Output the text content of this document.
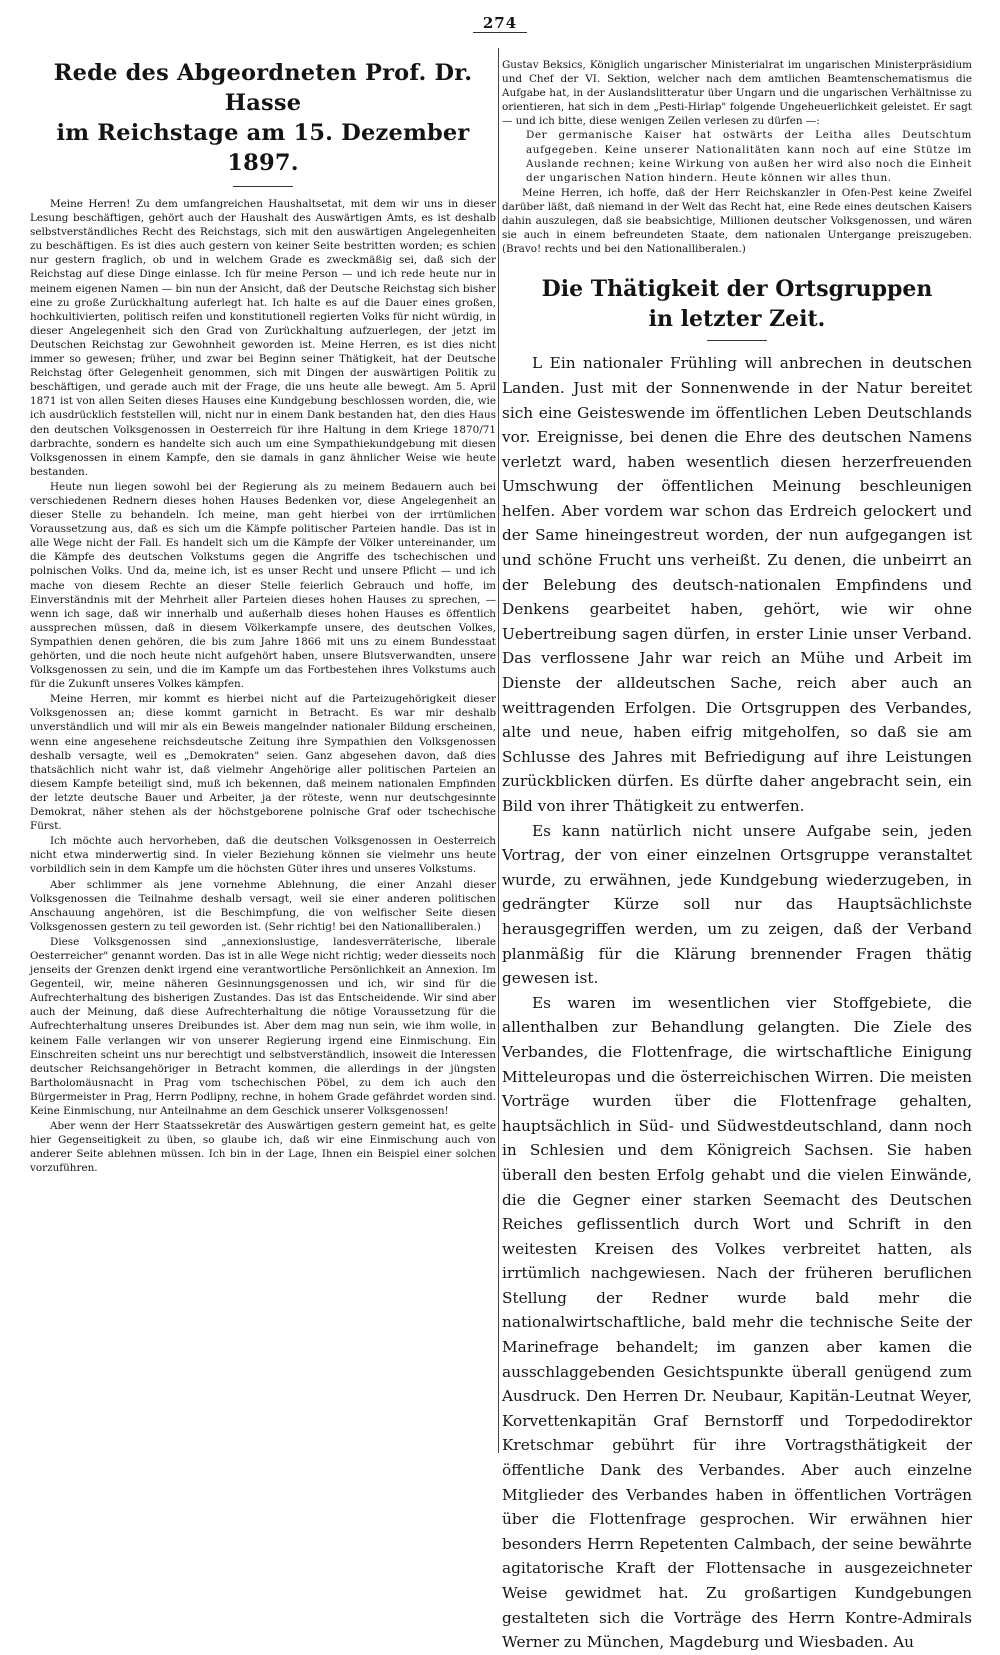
274
Rede des Abgeordneten Prof. Dr. Hasse
im Reichstage am 15. Dezember 1897.

Meine Herren! Zu dem umfangreichen Haushaltsetat, mit dem wir uns in dieser Lesung beschäftigen, gehört auch der Haushalt des Auswärtigen Amts, es ist deshalb selbstverständliches Recht des Reichstags, sich mit den auswärtigen Angelegenheiten zu beschäftigen. Es ist dies auch gestern von keiner Seite bestritten worden; es schien nur gestern fraglich, ob und in welchem Grade es zweckmäßig sei, daß sich der Reichstag auf diese Dinge einlasse. Ich für meine Person — und ich rede heute nur in meinem eigenen Namen — bin nun der Ansicht, daß der Deutsche Reichstag sich bisher eine zu große Zurückhaltung auferlegt hat. Ich halte es auf die Dauer eines großen, hochkultivierten, politisch reifen und konstitutionell regierten Volks für nicht würdig, in dieser Angelegenheit sich den Grad von Zurückhaltung aufzuerlegen, der jetzt im Deutschen Reichstag zur Gewohnheit geworden ist. Meine Herren, es ist dies nicht immer so gewesen; früher, und zwar bei Beginn seiner Thätigkeit, hat der Deutsche Reichstag öfter Gelegenheit genommen, sich mit Dingen der auswärtigen Politik zu beschäftigen, und gerade auch mit der Frage, die uns heute alle bewegt. Am 5. April 1871 ist von allen Seiten dieses Hauses eine Kundgebung beschlossen worden, die, wie ich ausdrücklich feststellen will, nicht nur in einem Dank bestanden hat, den dies Haus den deutschen Volksgenossen in Oesterreich für ihre Haltung in dem Kriege 1870/71 darbrachte, sondern es handelte sich auch um eine Sympathiekundgebung mit diesen Volksgenossen in einem Kampfe, den sie damals in ganz ähnlicher Weise wie heute bestanden.

Heute nun liegen sowohl bei der Regierung als zu meinem Bedauern auch bei verschiedenen Rednern dieses hohen Hauses Bedenken vor, diese Angelegenheit an dieser Stelle zu behandeln. Ich meine, man geht hierbei von der irrtümlichen Voraussetzung aus, daß es sich um die Kämpfe politischer Parteien handle. Das ist in alle Wege nicht der Fall. Es handelt sich um die Kämpfe der Völker untereinander, um die Kämpfe des deutschen Volkstums gegen die Angriffe des tschechischen und polnischen Volks. Und da, meine ich, ist es unser Recht und unsere Pflicht — und ich mache von diesem Rechte an dieser Stelle feierlich Gebrauch und hoffe, im Einverständnis mit der Mehrheit aller Parteien dieses hohen Hauses zu sprechen, — wenn ich sage, daß wir innerhalb und außerhalb dieses hohen Hauses es öffentlich aussprechen müssen, daß in diesem Völkerkampfe unsere, des deutschen Volkes, Sympathien denen gehören, die bis zum Jahre 1866 mit uns zu einem Bundesstaat gehörten, und die noch heute nicht aufgehört haben, unsere Blutsverwandten, unsere Volksgenossen zu sein, und die im Kampfe um das Fortbestehen ihres Volkstums auch für die Zukunft unseres Volkes kämpfen.

Meine Herren, mir kommt es hierbei nicht auf die Parteizugehörigkeit dieser Volksgenossen an; diese kommt garnicht in Betracht. Es war mir deshalb unverständlich und will mir als ein Beweis mangelnder nationaler Bildung erscheinen, wenn eine angesehene reichsdeutsche Zeitung ihre Sympathien den Volksgenossen deshalb versagte, weil es „Demokraten" seien. Ganz abgesehen davon, daß dies thatsächlich nicht wahr ist, daß vielmehr Angehörige aller politischen Parteien an diesem Kampfe beteiligt sind, muß ich bekennen, daß meinem nationalen Empfinden der letzte deutsche Bauer und Arbeiter, ja der röteste, wenn nur deutschgesinnte Demokrat, näher stehen als der höchstgeborene polnische Graf oder tschechische Fürst.

Ich möchte auch hervorheben, daß die deutschen Volksgenossen in Oesterreich nicht etwa minderwertig sind. In vieler Beziehung können sie vielmehr uns heute vorbildlich sein in dem Kampfe um die höchsten Güter ihres und unseres Volkstums.

Aber schlimmer als jene vornehme Ablehnung, die einer Anzahl dieser Volksgenossen die Teilnahme deshalb versagt, weil sie einer anderen politischen Anschauung angehören, ist die Beschimpfung, die von welfischer Seite diesen Volksgenossen gestern zu teil geworden ist. (Sehr richtig! bei den Nationalliberalen.)

Diese Volksgenossen sind „annexionslustige, landesverräterische, liberale Oesterreicher" genannt worden. Das ist in alle Wege nicht richtig; weder diesseits noch jenseits der Grenzen denkt irgend eine verantwortliche Persönlichkeit an Annexion. Im Gegenteil, wir, meine näheren Gesinnungsgenossen und ich, wir sind für die Aufrechterhaltung des bisherigen Zustandes. Das ist das Entscheidende. Wir sind aber auch der Meinung, daß diese Aufrechterhaltung die nötige Voraussetzung für die Aufrechterhaltung unseres Dreibundes ist. Aber dem mag nun sein, wie ihm wolle, in keinem Falle verlangen wir von unserer Regierung irgend eine Einmischung. Ein Einschreiten scheint uns nur berechtigt und selbstverständlich, insoweit die Interessen deutscher Reichsangehöriger in Betracht kommen, die allerdings in der jüngsten Bartholomäusnacht in Prag vom tschechischen Pöbel, zu dem ich auch den Bürgermeister in Prag, Herrn Podlipny, rechne, in hohem Grade gefährdet worden sind. Keine Einmischung, nur Anteilnahme an dem Geschick unserer Volksgenossen!

Aber wenn der Herr Staatssekretär des Auswärtigen gestern gemeint hat, es gelte hier Gegenseitigkeit zu üben, so glaube ich, daß wir eine Einmischung auch von anderer Seite ablehnen müssen. Ich bin in der Lage, Ihnen ein Beispiel einer solchen vorzuführen.

Gustav Beksics, Königlich ungarischer Ministerialrat im ungarischen Ministerpräsidium und Chef der VI. Sektion, welcher nach dem amtlichen Beamtenschematismus die Aufgabe hat, in der Auslandslitteratur über Ungarn und die ungarischen Verhältnisse zu orientieren, hat sich in dem „Pesti-Hirlap" folgende Ungeheuerlichkeit geleistet. Er sagt — und ich bitte, diese wenigen Zeilen verlesen zu dürfen —:

Der germanische Kaiser hat ostwärts der Leitha alles Deutschtum aufgegeben. Keine unserer Nationalitäten kann noch auf eine Stütze im Auslande rechnen; keine Wirkung von außen her wird also noch die Einheit der ungarischen Nation hindern. Heute können wir alles thun.

Meine Herren, ich hoffe, daß der Herr Reichskanzler in Ofen-Pest keine Zweifel darüber läßt, daß niemand in der Welt das Recht hat, eine Rede eines deutschen Kaisers dahin auszulegen, daß sie beabsichtige, Millionen deutscher Volksgenossen, und wären sie auch in einem befreundeten Staate, dem nationalen Untergange preiszugeben. (Bravo! rechts und bei den Nationalliberalen.)

Die Thätigkeit der Ortsgruppen
in letzter Zeit.

L Ein nationaler Frühling will anbrechen in deutschen Landen. Just mit der Sonnenwende in der Natur bereitet sich eine Geisteswende im öffentlichen Leben Deutschlands vor. Ereignisse, bei denen die Ehre des deutschen Namens verletzt ward, haben wesentlich diesen herzerfreuenden Umschwung der öffentlichen Meinung beschleunigen helfen. Aber vordem war schon das Erdreich gelockert und der Same hineingestreut worden, der nun aufgegangen ist und schöne Frucht uns verheißt. Zu denen, die unbeirrt an der Belebung des deutsch-nationalen Empfindens und Denkens gearbeitet haben, gehört, wie wir ohne Uebertreibung sagen dürfen, in erster Linie unser Verband. Das verflossene Jahr war reich an Mühe und Arbeit im Dienste der alldeutschen Sache, reich aber auch an weittragenden Erfolgen. Die Ortsgruppen des Verbandes, alte und neue, haben eifrig mitgeholfen, so daß sie am Schlusse des Jahres mit Befriedigung auf ihre Leistungen zurückblicken dürfen. Es dürfte daher angebracht sein, ein Bild von ihrer Thätigkeit zu entwerfen.

Es kann natürlich nicht unsere Aufgabe sein, jeden Vortrag, der von einer einzelnen Ortsgruppe veranstaltet wurde, zu erwähnen, jede Kundgebung wiederzugeben, in gedrängter Kürze soll nur das Hauptsächlichste herausgegriffen werden, um zu zeigen, daß der Verband planmäßig für die Klärung brennender Fragen thätig gewesen ist.

Es waren im wesentlichen vier Stoffgebiete, die allenthalben zur Behandlung gelangten. Die Ziele des Verbandes, die Flottenfrage, die wirtschaftliche Einigung Mitteleuropas und die österreichischen Wirren. Die meisten Vorträge wurden über die Flottenfrage gehalten, hauptsächlich in Süd- und Südwestdeutschland, dann noch in Schlesien und dem Königreich Sachsen. Sie haben überall den besten Erfolg gehabt und die vielen Einwände, die die Gegner einer starken Seemacht des Deutschen Reiches geflissentlich durch Wort und Schrift in den weitesten Kreisen des Volkes verbreitet hatten, als irrtümlich nachgewiesen. Nach der früheren beruflichen Stellung der Redner wurde bald mehr die nationalwirtschaftliche, bald mehr die technische Seite der Marinefrage behandelt; im ganzen aber kamen die ausschlaggebenden Gesichtspunkte überall genügend zum Ausdruck. Den Herren Dr. Neubaur, Kapitän-Leutnat Weyer, Korvettenkapitän Graf Bernstorff und Torpedodirektor Kretschmar gebührt für ihre Vortragsthätigkeit der öffentliche Dank des Verbandes. Aber auch einzelne Mitglieder des Verbandes haben in öffentlichen Vorträgen über die Flottenfrage gesprochen. Wir erwähnen hier besonders Herrn Repetenten Calmbach, der seine bewährte agitatorische Kraft der Flottensache in ausgezeichneter Weise gewidmet hat. Zu großartigen Kundgebungen gestalteten sich die Vorträge des Herrn Kontre-Admirals Werner zu München, Magdeburg und Wiesbaden. Au
